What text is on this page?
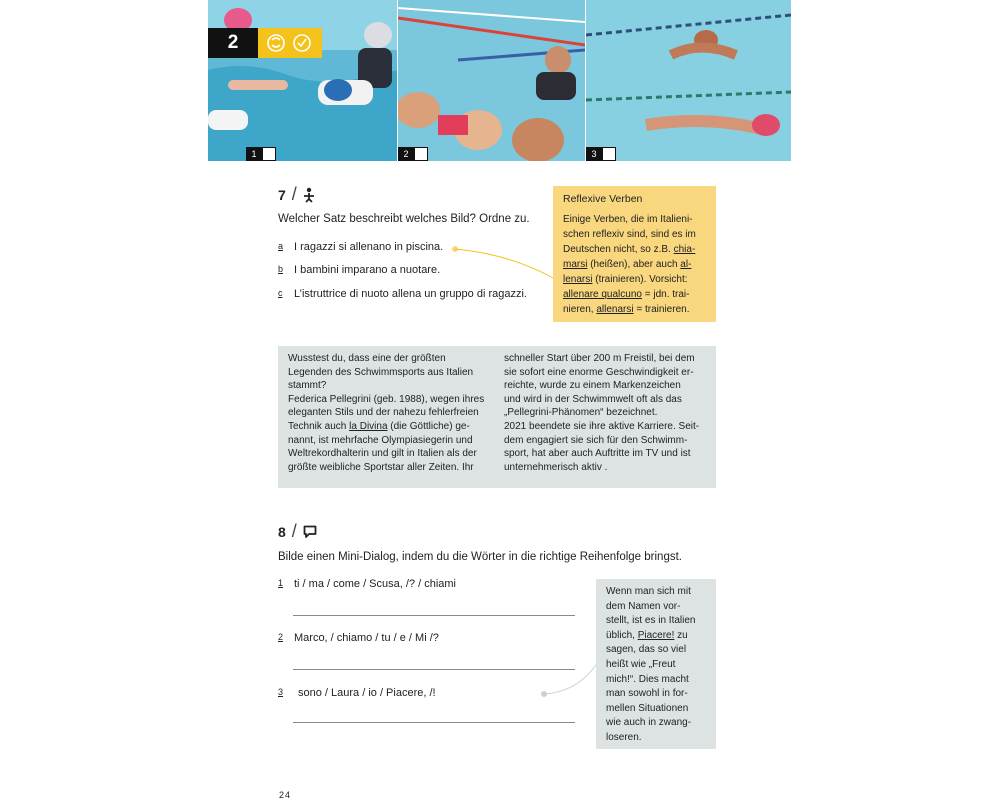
1	2	3
2
7 /
Welcher Satz beschreibt welches Bild? Ordne zu.
a I ragazzi si allenano in piscina.
b I bambini imparano a nuotare.
c L’istruttrice di nuoto allena un gruppo di ragazzi.
Reflexive Verben
Einige Verben, die im Italieni-
schen reflexiv sind, sind es im
Deutschen nicht, so z.B. chia-
marsi (heißen), aber auch al-
lenarsi (trainieren). Vorsicht:
allenare qualcuno = jdn. trai-
nieren, allenarsi = trainieren.
Wusstest du, dass eine der größten
Legenden des Schwimmsports aus Italien
stammt?
Federica Pellegrini (geb. 1988), wegen ihres
eleganten Stils und der nahezu fehlerfreien
Technik auch la Divina (die Göttliche) ge-
nannt, ist mehrfache Olympiasiegerin und
Weltrekordhalterin und gilt in Italien als der
größte weibliche Sportstar aller Zeiten. Ihr
schneller Start über 200 m Freistil, bei dem
sie sofort eine enorme Geschwindigkeit er-
reichte, wurde zu einem Markenzeichen
und wird in der Schwimmwelt oft als das
„Pellegrini-Phänomen“ bezeichnet.
2021 beendete sie ihre aktive Karriere. Seit-
dem engagiert sie sich für den Schwimm-
sport, hat aber auch Auftritte im TV und ist
unternehmerisch aktiv .
8 /
Bilde einen Mini-Dialog, indem du die Wörter in die richtige Reihenfolge bringst.
1 ti / ma / come / Scusa, /? / chiami
2 Marco, / chiamo / tu / e / Mi /?
3 sono / Laura / io / Piacere, /!
Wenn man sich mit
dem Namen vor-
stellt, ist es in Italien
üblich, Piacere! zu
sagen, das so viel
heißt wie „Freut
mich!“. Dies macht
man sowohl in for-
mellen Situationen
wie auch in zwang-
loseren.
24
